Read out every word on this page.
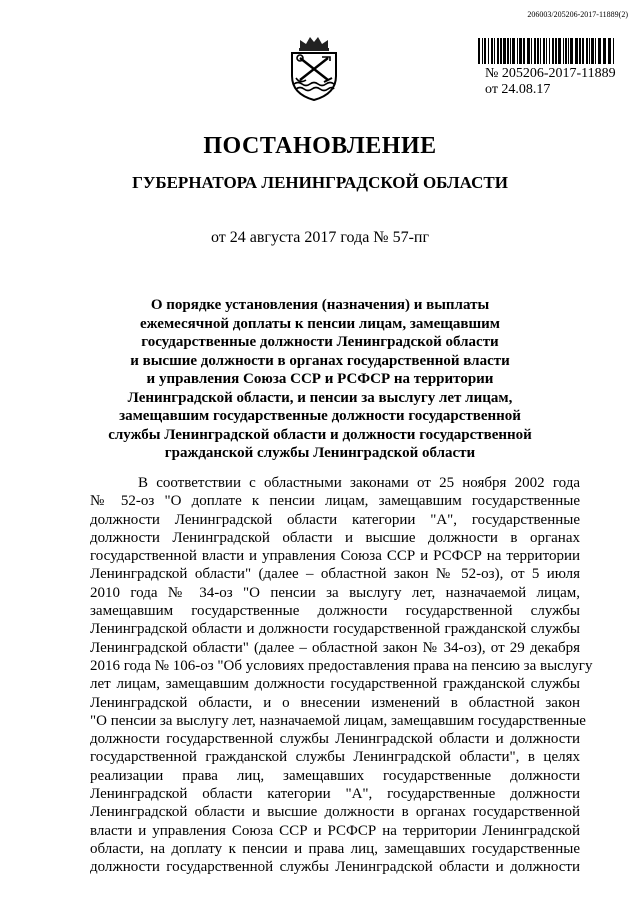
206003/205206-2017-11889(2)
№ 205206-2017-11889
от 24.08.17
ПОСТАНОВЛЕНИЕ
ГУБЕРНАТОРА ЛЕНИНГРАДСКОЙ ОБЛАСТИ
от 24 августа 2017 года № 57-пг
О порядке установления (назначения) и выплаты
ежемесячной доплаты к пенсии лицам, замещавшим
государственные должности Ленинградской области
и высшие должности в органах государственной власти
и управления Союза ССР и РСФСР на территории
Ленинградской области, и пенсии за выслугу лет лицам,
замещавшим государственные должности государственной
службы Ленинградской области и должности государственной
гражданской службы Ленинградской области
В соответствии с областными законами от 25 ноября 2002 года
№ 52-оз "О доплате к пенсии лицам, замещавшим государственные
должности Ленинградской области категории "А", государственные
должности Ленинградской области и высшие должности в органах
государственной власти и управления Союза ССР и РСФСР на территории
Ленинградской области" (далее – областной закон № 52-оз), от 5 июля
2010 года № 34-оз "О пенсии за выслугу лет, назначаемой лицам,
замещавшим государственные должности государственной службы
Ленинградской области и должности государственной гражданской службы
Ленинградской области" (далее – областной закон № 34-оз), от 29 декабря
2016 года № 106-оз "Об условиях предоставления права на пенсию за выслугу
лет лицам, замещавшим должности государственной гражданской службы
Ленинградской области, и о внесении изменений в областной закон
"О пенсии за выслугу лет, назначаемой лицам, замещавшим государственные
должности государственной службы Ленинградской области и должности
государственной гражданской службы Ленинградской области", в целях
реализации права лиц, замещавших государственные должности
Ленинградской области категории "А", государственные должности
Ленинградской области и высшие должности в органах государственной
власти и управления Союза ССР и РСФСР на территории Ленинградской
области, на доплату к пенсии и права лиц, замещавших государственные
должности государственной службы Ленинградской области и должности
